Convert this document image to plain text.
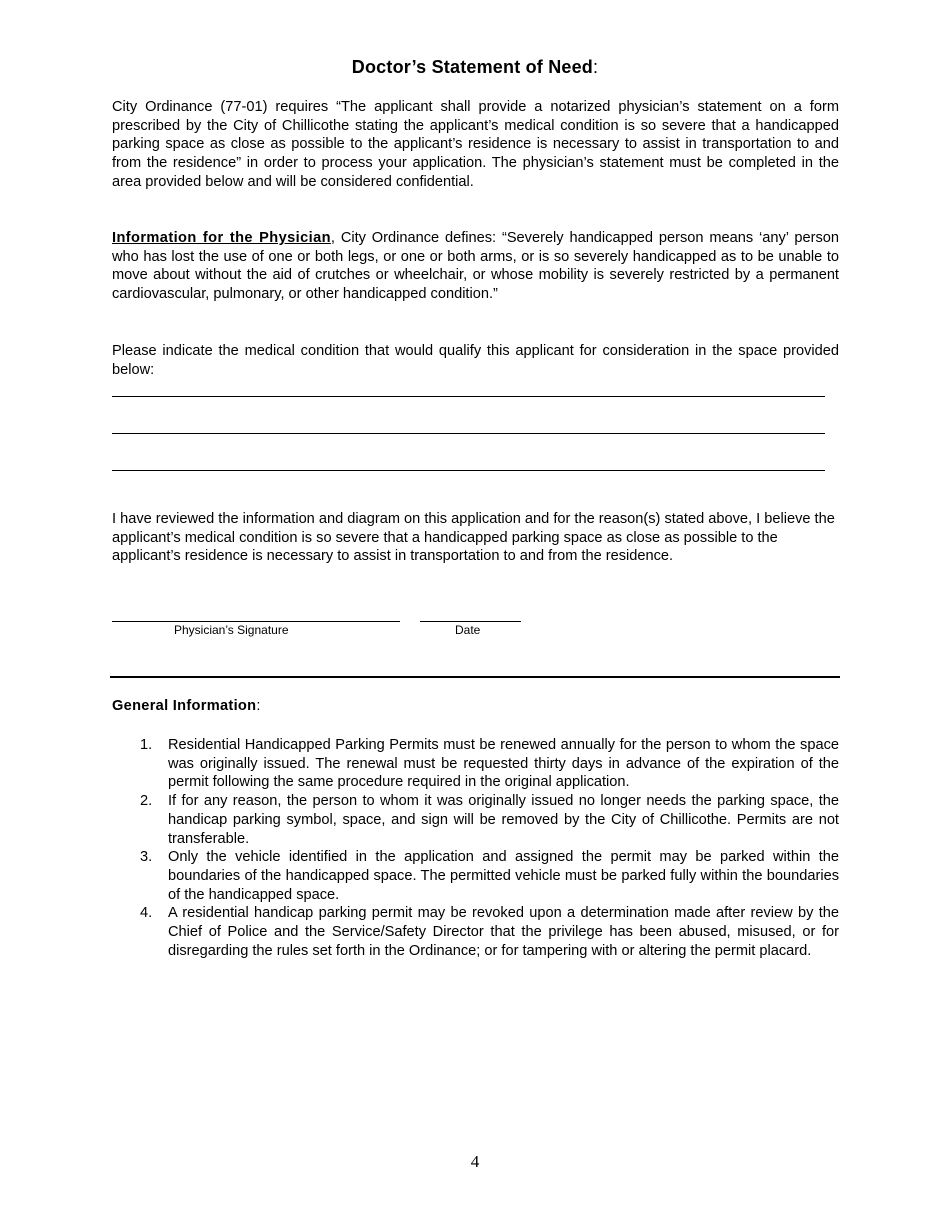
Doctor’s Statement of Need:

City Ordinance (77-01) requires “The applicant shall provide a notarized physician’s statement on a form prescribed by the City of Chillicothe stating the applicant’s medical condition is so severe that a handicapped parking space as close as possible to the applicant’s residence is necessary to assist in transportation to and from the residence” in order to process your application. The physician’s statement must be completed in the area provided below and will be considered confidential.

Information for the Physician, City Ordinance defines: “Severely handicapped person means ‘any’ person who has lost the use of one or both legs, or one or both arms, or is so severely handicapped as to be unable to move about without the aid of crutches or wheelchair, or whose mobility is severely restricted by a permanent cardiovascular, pulmonary, or other handicapped condition.”

Please indicate the medical condition that would qualify this applicant for consideration in the space provided below:

I have reviewed the information and diagram on this application and for the reason(s) stated above, I believe the applicant’s medical condition is so severe that a handicapped parking space as close as possible to the applicant’s residence is necessary to assist in transportation to and from the residence.

Physician’s Signature	Date
General Information:
1. Residential Handicapped Parking Permits must be renewed annually for the person to whom the space was originally issued. The renewal must be requested thirty days in advance of the expiration of the permit following the same procedure required in the original application.
2. If for any reason, the person to whom it was originally issued no longer needs the parking space, the handicap parking symbol, space, and sign will be removed by the City of Chillicothe. Permits are not transferable.
3. Only the vehicle identified in the application and assigned the permit may be parked within the boundaries of the handicapped space. The permitted vehicle must be parked fully within the boundaries of the handicapped space.
4. A residential handicap parking permit may be revoked upon a determination made after review by the Chief of Police and the Service/Safety Director that the privilege has been abused, misused, or for disregarding the rules set forth in the Ordinance; or for tampering with or altering the permit placard.
4
